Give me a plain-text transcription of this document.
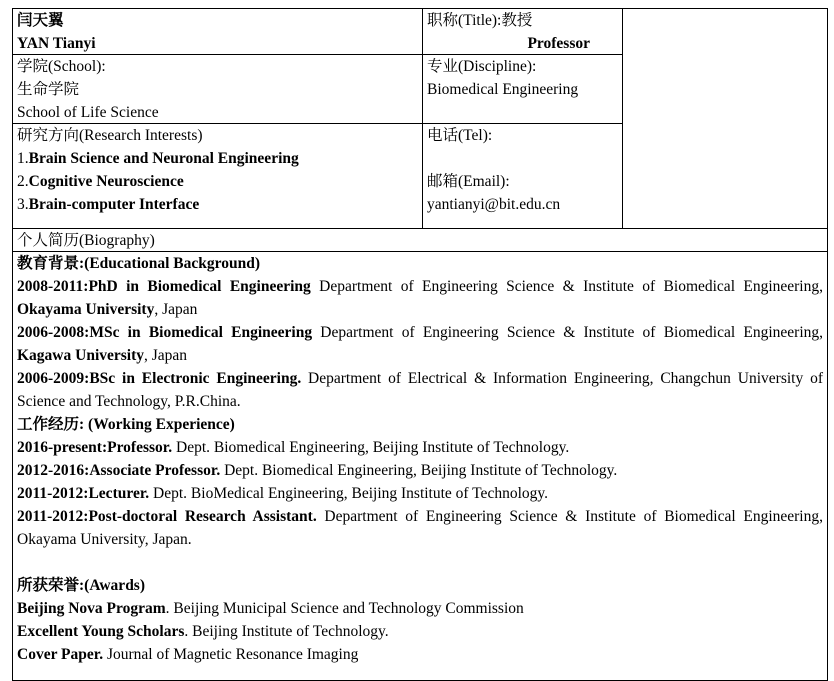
闫天翼
YAN Tianyi
职称(Title):教授
Professor
学院(School):
生命学院
School of Life Science
专业(Discipline):
Biomedical Engineering
研究方向(Research Interests)
1.Brain Science and Neuronal Engineering
2.Cognitive Neuroscience
3.Brain-computer Interface
电话(Tel):
邮箱(Email):
yantianyi@bit.edu.cn
个人简历(Biography)
教育背景:(Educational Background)
2008-2011:PhD in Biomedical Engineering Department of Engineering Science & Institute of Biomedical Engineering, Okayama University, Japan
2006-2008:MSc in Biomedical Engineering Department of Engineering Science & Institute of Biomedical Engineering, Kagawa University, Japan
2006-2009:BSc in Electronic Engineering. Department of Electrical & Information Engineering, Changchun University of Science and Technology, P.R.China.
工作经历: (Working Experience)
2016-present:Professor. Dept. Biomedical Engineering, Beijing Institute of Technology.
2012-2016:Associate Professor. Dept. Biomedical Engineering, Beijing Institute of Technology.
2011-2012:Lecturer. Dept. BioMedical Engineering, Beijing Institute of Technology.
2011-2012:Post-doctoral Research Assistant. Department of Engineering Science & Institute of Biomedical Engineering, Okayama University, Japan.
所获荣誉:(Awards)
Beijing Nova Program. Beijing Municipal Science and Technology Commission
Excellent Young Scholars. Beijing Institute of Technology.
Cover Paper. Journal of Magnetic Resonance Imaging
